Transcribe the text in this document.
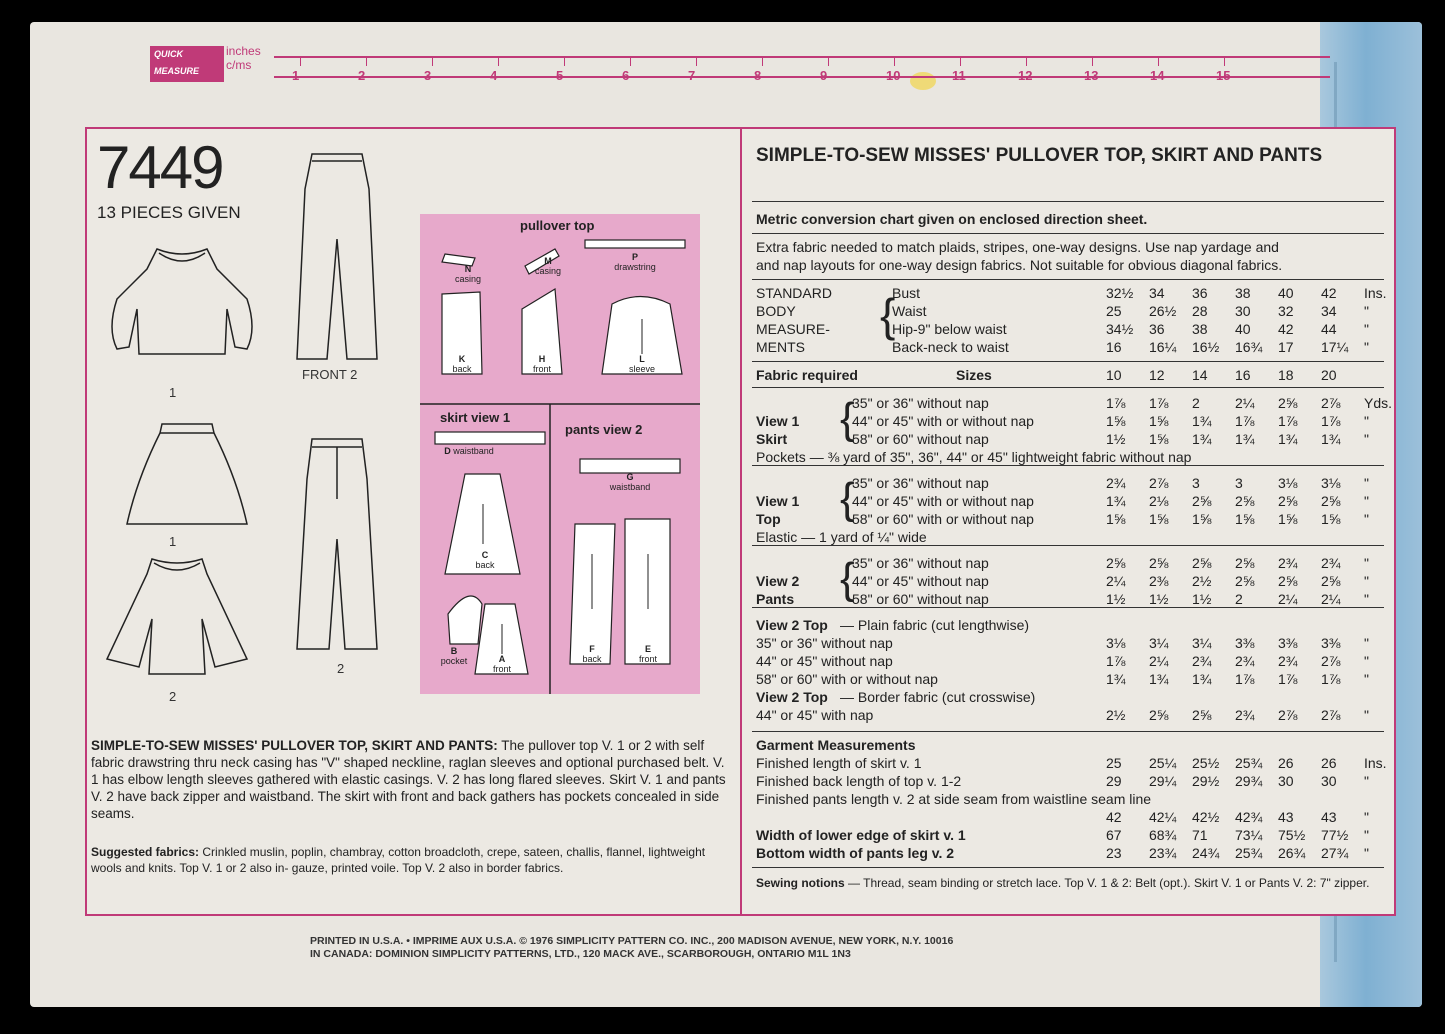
QUICK
MEASURE
inches
c/ms
1	2	3	4	5	6	7	8	9	10	11	12	13	14	15
7449
13 PIECES GIVEN
1
FRONT 2
1
2
2
pullover top
N
casing
M
casing
P
drawstring
K
back
H
front
L
sleeve
skirt view 1
pants view 2
D waistband
C
back
B
pocket	A
front
G
waistband
F
back
E
front
SIMPLE-TO-SEW MISSES' PULLOVER TOP, SKIRT AND PANTS: The pullover top V. 1 or 2 with self fabric drawstring thru neck casing has "V" shaped neckline, raglan sleeves and optional purchased belt. V. 1 has elbow length sleeves gathered with elastic casings. V. 2 has long flared sleeves. Skirt V. 1 and pants V. 2 have back zipper and waistband. The skirt with front and back gathers has pockets concealed in side seams.
Suggested fabrics: Crinkled muslin, poplin, chambray, cotton broadcloth, crepe, sateen, challis, flannel, lightweight wools and knits. Top V. 1 or 2 also in- gauze, printed voile. Top V. 2 also in border fabrics.
SIMPLE-TO-SEW MISSES' PULLOVER TOP, SKIRT AND PANTS
Metric conversion chart given on enclosed direction sheet.
Extra fabric needed to match plaids, stripes, one-way designs. Use nap yardage and
and nap layouts for one-way design fabrics. Not suitable for obvious diagonal fabrics.
STANDARD
BODY
MEASURE-
MENTS
{
Bust	32½ 34 36 38 40 42 Ins.
Waist	25 26½ 28 30 32 34 "
Hip-9" below waist	34½ 36 38 40 42 44 "
Back-neck to waist	16 16¼ 16½ 16¾ 17 17¼ "
Fabric required	Sizes	10 12 14 16 18 20
View 1
Skirt {
35" or 36" without nap	1⅞ 1⅞ 2	2¼ 2⅝ 2⅞ Yds.
44" or 45" with or without nap	1⅝ 1⅝ 1¾ 1⅞ 1⅞ 1⅞ "
58" or 60" without nap	1½ 1⅝ 1¾ 1¾ 1¾ 1¾ "
Pockets — ⅜ yard of 35", 36", 44" or 45" lightweight fabric without nap
View 1
Top {
35" or 36" without nap	2¾ 2⅞ 3	3	3⅛ 3⅛ "
44" or 45" with or without nap	1¾ 2⅛ 2⅝ 2⅝ 2⅝ 2⅝ "
58" or 60" with or without nap	1⅝ 1⅝ 1⅝ 1⅝ 1⅝ 1⅝ "
Elastic — 1 yard of ¼" wide
View 2
Pants {
35" or 36" without nap	2⅝ 2⅝ 2⅝ 2⅝ 2¾ 2¾ "
44" or 45" without nap	2¼ 2⅜ 2½ 2⅝ 2⅝ 2⅝ "
58" or 60" without nap	1½ 1½ 1½ 2	2¼ 2¼ "
View 2 Top — Plain fabric (cut lengthwise)
35" or 36" without nap	3⅛ 3¼ 3¼ 3⅜ 3⅜ 3⅜ "
44" or 45" without nap	1⅞ 2¼ 2¾ 2¾ 2¾ 2⅞ "
58" or 60" with or without nap	1¾ 1¾ 1¾ 1⅞ 1⅞ 1⅞ "
View 2 Top — Border fabric (cut crosswise)
44" or 45" with nap	2½ 2⅝ 2⅝ 2¾ 2⅞ 2⅞ "
Garment Measurements
Finished length of skirt v. 1	25 25¼ 25½ 25¾ 26 26 Ins.
Finished back length of top v. 1-2	29 29¼ 29½ 29¾ 30 30 "
Finished pants length v. 2 at side seam from waistline seam line
42 42¼ 42½ 42¾ 43 43 "
Width of lower edge of skirt v. 1	67 68¾ 71 73¼ 75½ 77½ "
Bottom width of pants leg v. 2	23 23¾ 24¾ 25¾ 26¾ 27¾ "
Sewing notions — Thread, seam binding or stretch lace. Top V. 1 & 2: Belt (opt.). Skirt V. 1 or Pants V. 2: 7" zipper.
PRINTED IN U.S.A. • IMPRIME AUX U.S.A. © 1976 SIMPLICITY PATTERN CO. INC., 200 MADISON AVENUE, NEW YORK, N.Y. 10016
IN CANADA: DOMINION SIMPLICITY PATTERNS, LTD., 120 MACK AVE., SCARBOROUGH, ONTARIO M1L 1N3
